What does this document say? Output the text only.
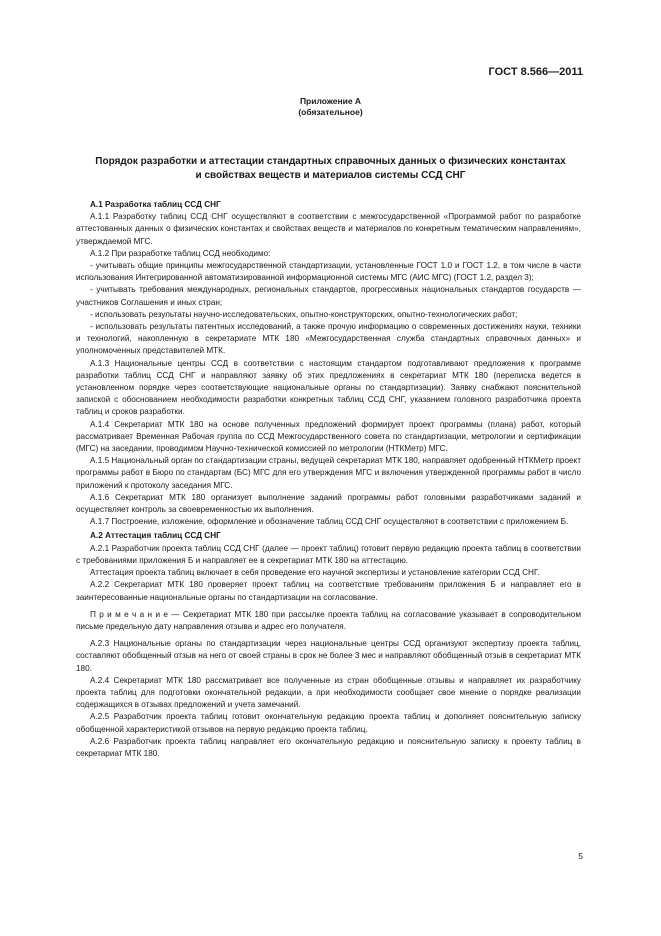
ГОСТ 8.566—2011
Приложение А
(обязательное)
Порядок разработки и аттестации стандартных справочных данных о физических константах
и свойствах веществ и материалов системы ССД СНГ

А.1 Разработка таблиц ССД СНГ

А.1.1 Разработку таблиц ССД СНГ осуществляют в соответствии с межгосударственной «Программой работ по разработке аттестованных данных о физических константах и свойствах веществ и материалов по конкретным тематическим направлениям», утверждаемой МГС.

А.1.2 При разработке таблиц ССД необходимо:

- учитывать общие принципы межгосударственной стандартизации, установленные ГОСТ 1.0 и ГОСТ 1.2, в том числе в части использования Интегрированной автоматизированной информационной системы МГС (АИС МГС) (ГОСТ 1.2, раздел 3);

- учитывать требования международных, региональных стандартов, прогрессивных национальных стандартов государств — участников Соглашения и иных стран;

- использовать результаты научно-исследовательских, опытно-конструкторских, опытно-технологических работ;

- использовать результаты патентных исследований, а также прочую информацию о современных достижениях науки, техники и технологий, накопленную в секретариате МТК 180 «Межгосударственная служба стандартных справочных данных» и уполномоченных представителей МТК.

А.1.3 Национальные центры ССД в соответствии с настоящим стандартом подготавливают предложения к программе разработки таблиц ССД СНГ и направляют заявку об этих предложениях в секретариат МТК 180 (переписка ведется в установленном порядке через соответствующие национальные органы по стандартизации). Заявку снабжают пояснительной запиской с обоснованием необходимости разработки конкретных таблиц ССД СНГ, указанием головного разработчика проекта таблиц и сроков разработки.

А.1.4 Секретариат МТК 180 на основе полученных предложений формирует проект программы (плана) работ, который рассматривает Временная Рабочая группа по ССД Межгосударственного совета по стандартизации, метрологии и сертификации (МГС) на заседании, проводимом Научно-технической комиссией по метрологии (НТКМетр) МГС.

А.1.5 Национальный орган по стандартизации страны, ведущей секретариат МТК 180, направляет одобренный НТКМетр проект программы работ в Бюро по стандартам (БС) МГС для его утверждения МГС и включения утвержденной программы работ в число приложений к протоколу заседания МГС.

А.1.6 Секретариат МТК 180 организует выполнение заданий программы работ головными разработчиками заданий и осуществляет контроль за своевременностью их выполнения.

А.1.7 Построение, изложение, оформление и обозначение таблиц ССД СНГ осуществляют в соответствии с приложением Б.

А.2 Аттестация таблиц ССД СНГ

А.2.1 Разработчик проекта таблиц ССД СНГ (далее — проект таблиц) готовит первую редакцию проекта таблиц в соответствии с требованиями приложения Б и направляет ее в секретариат МТК 180 на аттестацию.

Аттестация проекта таблиц включает в себя проведение его научной экспертизы и установление категории ССД СНГ.

А.2.2 Секретариат МТК 180 проверяет проект таблиц на соответствие требованиям приложения Б и направляет его в заинтересованные национальные органы по стандартизации на согласование.

П р и м е ч а н и е — Секретариат МТК 180 при рассылке проекта таблиц на согласование указывает в сопроводительном письме предельную дату направления отзыва и адрес его получателя.

А.2.3 Национальные органы по стандартизации через национальные центры ССД организуют экспертизу проекта таблиц, составляют обобщенный отзыв на него от своей страны в срок не более 3 мес и направляют обобщенный отзыв в секретариат МТК 180.

А.2.4 Секретариат МТК 180 рассматривает все полученные из стран обобщенные отзывы и направляет их разработчику проекта таблиц для подготовки окончательной редакции, а при необходимости сообщает свое мнение о порядке реализации содержащихся в отзывах предложений и учета замечаний.

А.2.5 Разработчик проекта таблиц готовит окончательную редакцию проекта таблиц и дополняет пояснительную записку обобщенной характеристикой отзывов на первую редакцию проекта таблиц.

А.2.6 Разработчик проекта таблиц направляет его окончательную редакцию и пояснительную записку к проекту таблиц в секретариат МТК 180.

5
